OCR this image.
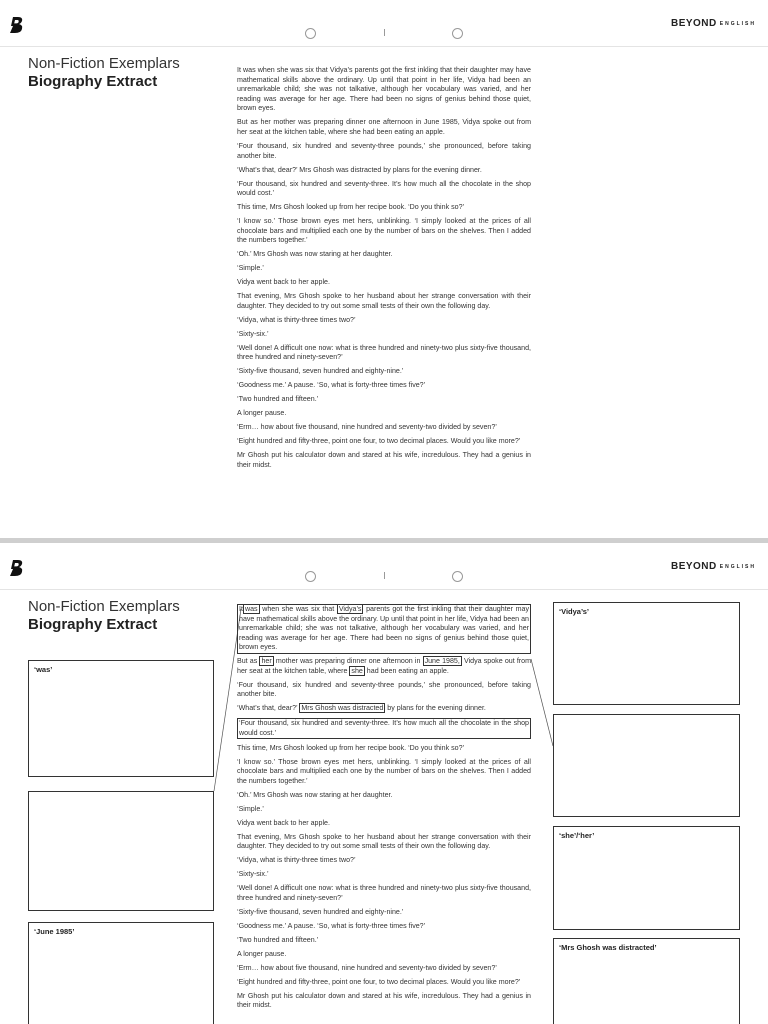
BEYOND ENGLISH
Non-Fiction Exemplars
Biography Extract

It was when she was six that Vidya’s parents got the first inkling that their daughter may have mathematical skills above the ordinary. Up until that point in her life, Vidya had been an unremarkable child; she was not talkative, although her vocabulary was varied, and her reading was average for her age. There had been no signs of genius behind those quiet, brown eyes.

But as her mother was preparing dinner one afternoon in June 1985, Vidya spoke out from her seat at the kitchen table, where she had been eating an apple.

‘Four thousand, six hundred and seventy-three pounds,’ she pronounced, before taking another bite.

‘What’s that, dear?’ Mrs Ghosh was distracted by plans for the evening dinner.

‘Four thousand, six hundred and seventy-three. It’s how much all the chocolate in the shop would cost.’

This time, Mrs Ghosh looked up from her recipe book. ‘Do you think so?’

‘I know so.’ Those brown eyes met hers, unblinking. ‘I simply looked at the prices of all chocolate bars and multiplied each one by the number of bars on the shelves. Then I added the numbers together.’

‘Oh.’ Mrs Ghosh was now staring at her daughter.

‘Simple.’

Vidya went back to her apple.

That evening, Mrs Ghosh spoke to her husband about her strange conversation with their daughter. They decided to try out some small tests of their own the following day.

‘Vidya, what is thirty-three times two?’

‘Sixty-six.’

‘Well done! A difficult one now: what is three hundred and ninety-two plus sixty-five thousand, three hundred and ninety-seven?’

‘Sixty-five thousand, seven hundred and eighty-nine.’

‘Goodness me.’ A pause. ‘So, what is forty-three times five?’

‘Two hundred and fifteen.’

A longer pause.

‘Erm… how about five thousand, nine hundred and seventy-two divided by seven?’

‘Eight hundred and fifty-three, point one four, to two decimal places. Would you like more?’

Mr Ghosh put his calculator down and stared at his wife, incredulous. They had a genius in their midst.

BEYOND ENGLISH
Non-Fiction Exemplars
Biography Extract
It was when she was six that Vidya’s parents got the first inkling that their daughter may have mathematical skills above the ordinary. Up until that point in her life, Vidya had been an unremarkable child; she was not talkative, although her vocabulary was varied, and her reading was average for her age. There had been no signs of genius behind those quiet, brown eyes.

But as her mother was preparing dinner one afternoon in June 1985, Vidya spoke out from her seat at the kitchen table, where she had been eating an apple.

‘Four thousand, six hundred and seventy-three pounds,’ she pronounced, before taking another bite.

‘What’s that, dear?’ Mrs Ghosh was distracted by plans for the evening dinner.

‘Four thousand, six hundred and seventy-three. It’s how much all the chocolate in the shop would cost.’

This time, Mrs Ghosh looked up from her recipe book. ‘Do you think so?’

‘I know so.’ Those brown eyes met hers, unblinking. ‘I simply looked at the prices of all chocolate bars and multiplied each one by the number of bars on the shelves. Then I added the numbers together.’

‘Oh.’ Mrs Ghosh was now staring at her daughter.

‘Simple.’

Vidya went back to her apple.

That evening, Mrs Ghosh spoke to her husband about her strange conversation with their daughter. They decided to try out some small tests of their own the following day.

‘Vidya, what is thirty-three times two?’

‘Sixty-six.’

‘Well done! A difficult one now: what is three hundred and ninety-two plus sixty-five thousand, three hundred and ninety-seven?’

‘Sixty-five thousand, seven hundred and eighty-nine.’

‘Goodness me.’ A pause. ‘So, what is forty-three times five?’

‘Two hundred and fifteen.’

A longer pause.

‘Erm… how about five thousand, nine hundred and seventy-two divided by seven?’

‘Eight hundred and fifty-three, point one four, to two decimal places. Would you like more?’

Mr Ghosh put his calculator down and stared at his wife, incredulous. They had a genius in their midst.

‘was’
‘June 1985’
‘Vidya’s’
‘she’/‘her’
‘Mrs Ghosh was distracted’
